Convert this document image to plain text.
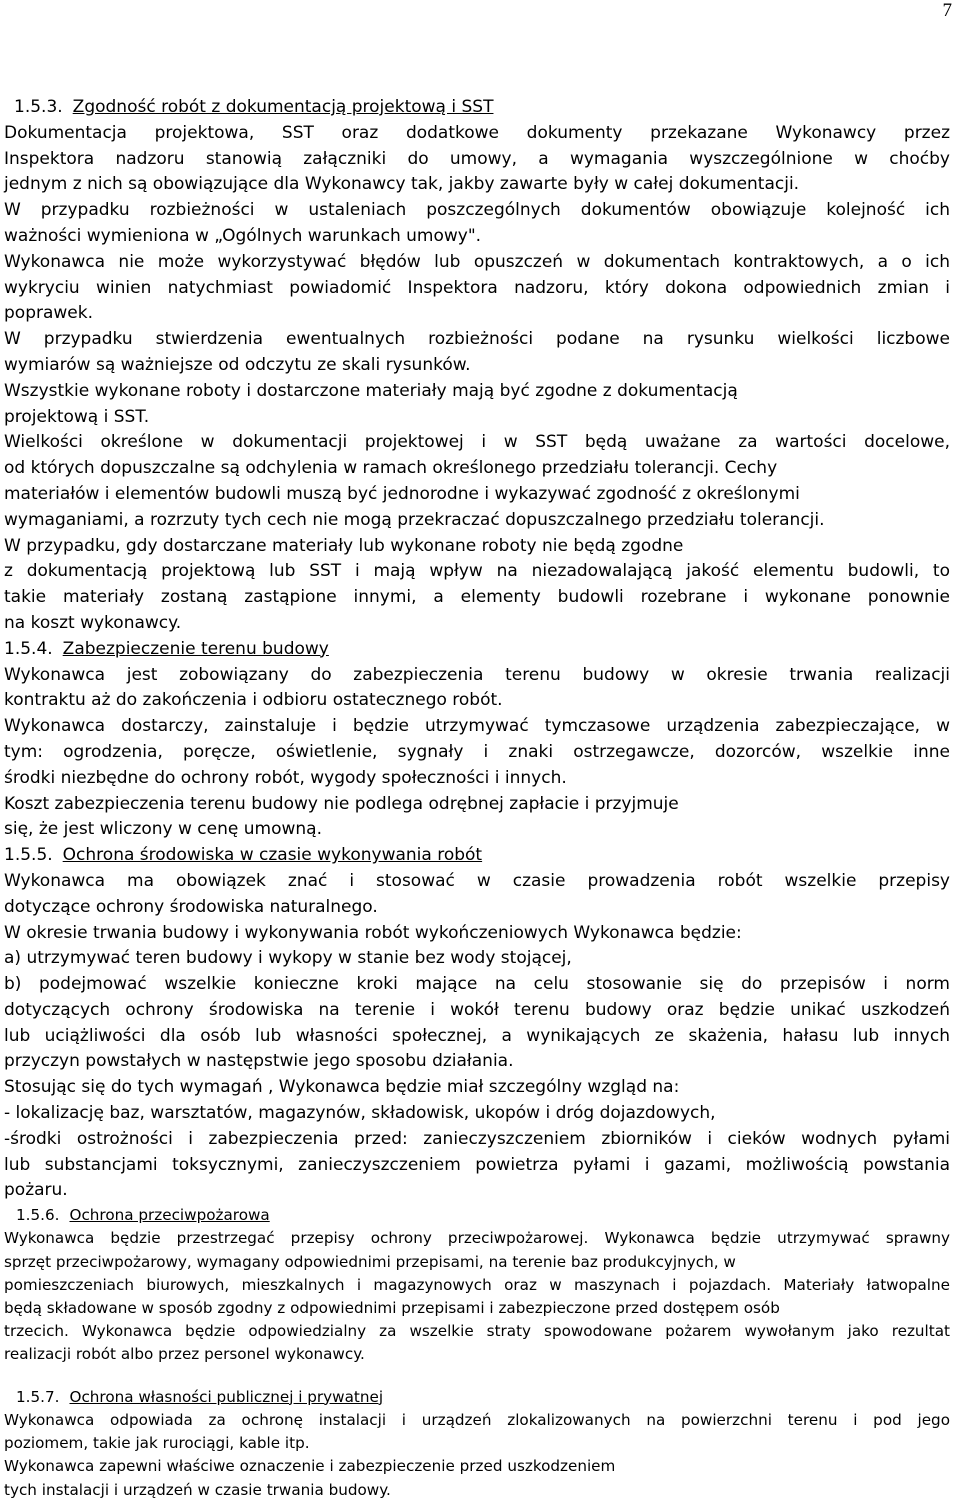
7
1.5.3. Zgodność robót z dokumentacją projektową i SST
Dokumentacja projektowa, SST oraz dodatkowe dokumenty przekazane Wykonawcy przez
Inspektora nadzoru stanowią załączniki do umowy, a wymagania wyszczególnione w choćby
jednym z nich są obowiązujące dla Wykonawcy tak, jakby zawarte były w całej dokumentacji.
W przypadku rozbieżności w ustaleniach poszczególnych dokumentów obowiązuje kolejność ich
ważności wymieniona w „Ogólnych warunkach umowy".
Wykonawca nie może wykorzystywać błędów lub opuszczeń w dokumentach kontraktowych, a o ich
wykryciu winien natychmiast powiadomić Inspektora nadzoru, który dokona odpowiednich zmian i
poprawek.
W przypadku stwierdzenia ewentualnych rozbieżności podane na rysunku wielkości liczbowe
wymiarów są ważniejsze od odczytu ze skali rysunków.
Wszystkie wykonane roboty i dostarczone materiały mają być zgodne z dokumentacją
projektową i SST.
Wielkości określone w dokumentacji projektowej i w SST będą uważane za wartości docelowe,
od których dopuszczalne są odchylenia w ramach określonego przedziału tolerancji. Cechy
materiałów i elementów budowli muszą być jednorodne i wykazywać zgodność z określonymi
wymaganiami, a rozrzuty tych cech nie mogą przekraczać dopuszczalnego przedziału tolerancji.
W przypadku, gdy dostarczane materiały lub wykonane roboty nie będą zgodne
z dokumentacją projektową lub SST i mają wpływ na niezadowalającą jakość elementu budowli, to
takie materiały zostaną zastąpione innymi, a elementy budowli rozebrane i wykonane ponownie
na koszt wykonawcy.
1.5.4. Zabezpieczenie terenu budowy
Wykonawca jest zobowiązany do zabezpieczenia terenu budowy w okresie trwania realizacji
kontraktu aż do zakończenia i odbioru ostatecznego robót.
Wykonawca dostarczy, zainstaluje i będzie utrzymywać tymczasowe urządzenia zabezpieczające, w
tym: ogrodzenia, poręcze, oświetlenie, sygnały i znaki ostrzegawcze, dozorców, wszelkie inne
środki niezbędne do ochrony robót, wygody społeczności i innych.
Koszt zabezpieczenia terenu budowy nie podlega odrębnej zapłacie i przyjmuje
się, że jest wliczony w cenę umowną.
1.5.5. Ochrona środowiska w czasie wykonywania robót
Wykonawca ma obowiązek znać i stosować w czasie prowadzenia robót wszelkie przepisy
dotyczące ochrony środowiska naturalnego.
W okresie trwania budowy i wykonywania robót wykończeniowych Wykonawca będzie:
a) utrzymywać teren budowy i wykopy w stanie bez wody stojącej,
b) podejmować wszelkie konieczne kroki mające na celu stosowanie się do przepisów i norm
dotyczących ochrony środowiska na terenie i wokół terenu budowy oraz będzie unikać uszkodzeń
lub uciążliwości dla osób lub własności społecznej, a wynikających ze skażenia, hałasu lub innych
przyczyn powstałych w następstwie jego sposobu działania.
Stosując się do tych wymagań , Wykonawca będzie miał szczególny wzgląd na:
- lokalizację baz, warsztatów, magazynów, składowisk, ukopów i dróg dojazdowych,
-środki ostrożności i zabezpieczenia przed: zanieczyszczeniem zbiorników i cieków wodnych pyłami
lub substancjami toksycznymi, zanieczyszczeniem powietrza pyłami i gazami, możliwością powstania
pożaru.
1.5.6. Ochrona przeciwpożarowa
Wykonawca będzie przestrzegać przepisy ochrony przeciwpożarowej. Wykonawca będzie utrzymywać sprawny
sprzęt przeciwpożarowy, wymagany odpowiednimi przepisami, na terenie baz produkcyjnych, w
pomieszczeniach biurowych, mieszkalnych i magazynowych oraz w maszynach i pojazdach. Materiały łatwopalne
będą składowane w sposób zgodny z odpowiednimi przepisami i zabezpieczone przed dostępem osób
trzecich. Wykonawca będzie odpowiedzialny za wszelkie straty spowodowane pożarem wywołanym jako rezultat
realizacji robót albo przez personel wykonawcy.
1.5.7. Ochrona własności publicznej i prywatnej
Wykonawca odpowiada za ochronę instalacji i urządzeń zlokalizowanych na powierzchni terenu i pod jego
poziomem, takie jak rurociągi, kable itp.
Wykonawca zapewni właściwe oznaczenie i zabezpieczenie przed uszkodzeniem
tych instalacji i urządzeń w czasie trwania budowy.
